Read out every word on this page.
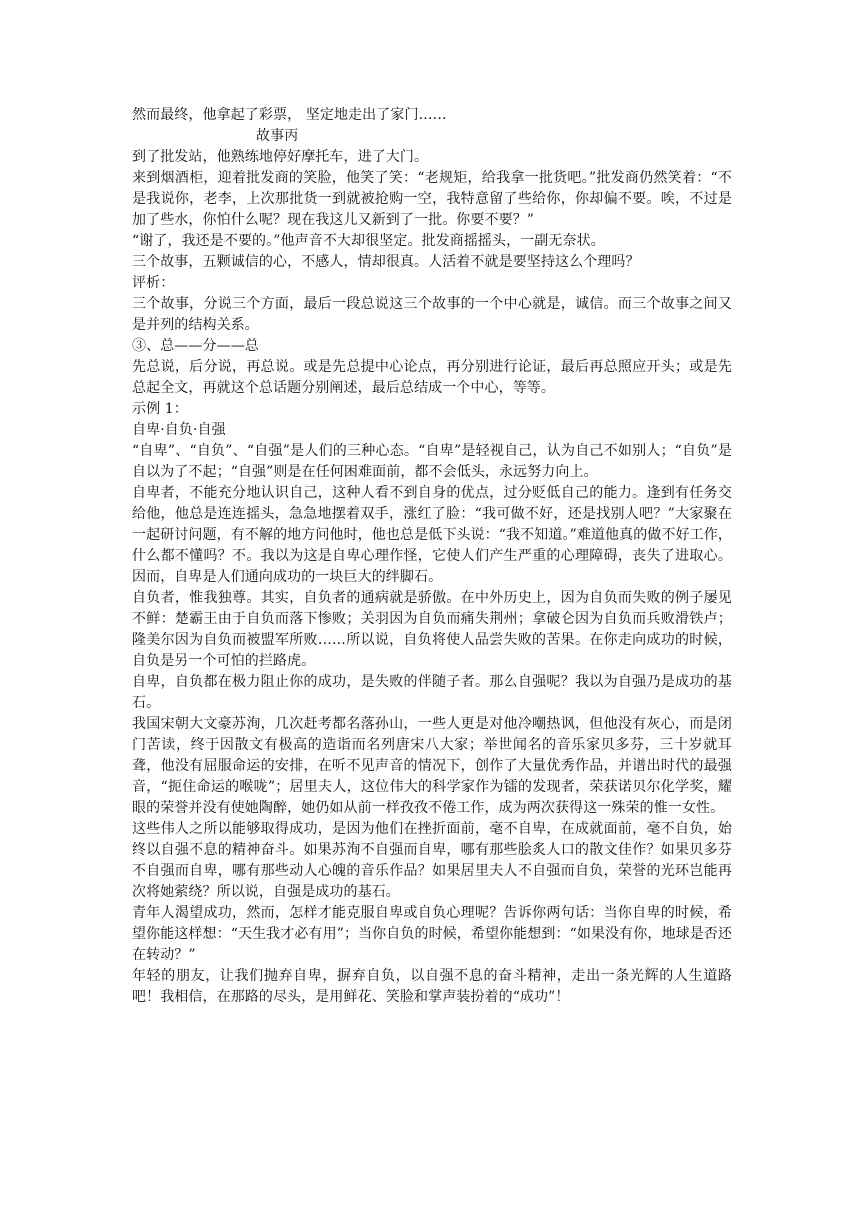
然而最终，他拿起了彩票， 坚定地走出了家门……

故事丙

到了批发站，他熟练地停好摩托车，进了大门。

来到烟酒柜，迎着批发商的笑脸，他笑了笑：“老规矩，给我拿一批货吧。”批发商仍然笑着：“不是我说你，老李，上次那批货一到就被抢购一空，我特意留了些给你，你却偏不要。唉，不过是加了些水，你怕什么呢？现在我这儿又新到了一批。你要不要？”

“谢了，我还是不要的。”他声音不大却很坚定。批发商摇摇头，一副无奈状。

三个故事，五颗诚信的心，不感人，情却很真。人活着不就是要坚持这么个理吗？

评析：

三个故事，分说三个方面，最后一段总说这三个故事的一个中心就是，诚信。而三个故事之间又是并列的结构关系。

③、总——分——总

先总说，后分说，再总说。或是先总提中心论点，再分别进行论证，最后再总照应开头；或是先总起全文，再就这个总话题分别阐述，最后总结成一个中心，等等。

示例 1：

自卑·自负·自强

“自卑”、“自负”、“自强”是人们的三种心态。“自卑”是轻视自己，认为自己不如别人；“自负”是自以为了不起；“自强”则是在任何困难面前，都不会低头，永远努力向上。

自卑者，不能充分地认识自己，这种人看不到自身的优点，过分贬低自己的能力。逢到有任务交给他，他总是连连摇头，急急地摆着双手，涨红了脸：“我可做不好，还是找别人吧？”大家聚在一起研讨问题，有不解的地方问他时，他也总是低下头说：“我不知道。”难道他真的做不好工作，什么都不懂吗？不。我以为这是自卑心理作怪，它使人们产生严重的心理障碍，丧失了进取心。因而，自卑是人们通向成功的一块巨大的绊脚石。

自负者，惟我独尊。其实，自负者的通病就是骄傲。在中外历史上，因为自负而失败的例子屡见不鲜：楚霸王由于自负而落下惨败；关羽因为自负而痛失荆州；拿破仑因为自负而兵败滑铁卢；隆美尔因为自负而被盟军所败……所以说，自负将使人品尝失败的苦果。在你走向成功的时候，自负是另一个可怕的拦路虎。

自卑，自负都在极力阻止你的成功，是失败的伴随子者。那么自强呢？我以为自强乃是成功的基石。

我国宋朝大文豪苏洵，几次赶考都名落孙山，一些人更是对他冷嘲热讽，但他没有灰心，而是闭门苦读，终于因散文有极高的造诣而名列唐宋八大家；举世闻名的音乐家贝多芬，三十岁就耳聋，他没有屈服命运的安排，在听不见声音的情况下，创作了大量优秀作品，并谱出时代的最强音，“扼住命运的喉咙”；居里夫人，这位伟大的科学家作为镭的发现者，荣获诺贝尔化学奖，耀眼的荣誉并没有使她陶醉，她仍如从前一样孜孜不倦工作，成为两次获得这一殊荣的惟一女性。

这些伟人之所以能够取得成功，是因为他们在挫折面前，毫不自卑，在成就面前，毫不自负，始终以自强不息的精神奋斗。如果苏洵不自强而自卑，哪有那些脍炙人口的散文佳作？如果贝多芬不自强而自卑，哪有那些动人心魄的音乐作品？如果居里夫人不自强而自负，荣誉的光环岂能再次将她萦绕？所以说，自强是成功的基石。

青年人渴望成功，然而，怎样才能克服自卑或自负心理呢？告诉你两句话：当你自卑的时候，希望你能这样想：“天生我才必有用”；当你自负的时候，希望你能想到：“如果没有你，地球是否还在转动？”

年轻的朋友，让我们抛弃自卑，摒弃自负，以自强不息的奋斗精神，走出一条光辉的人生道路吧！我相信，在那路的尽头，是用鲜花、笑脸和掌声装扮着的“成功”！
